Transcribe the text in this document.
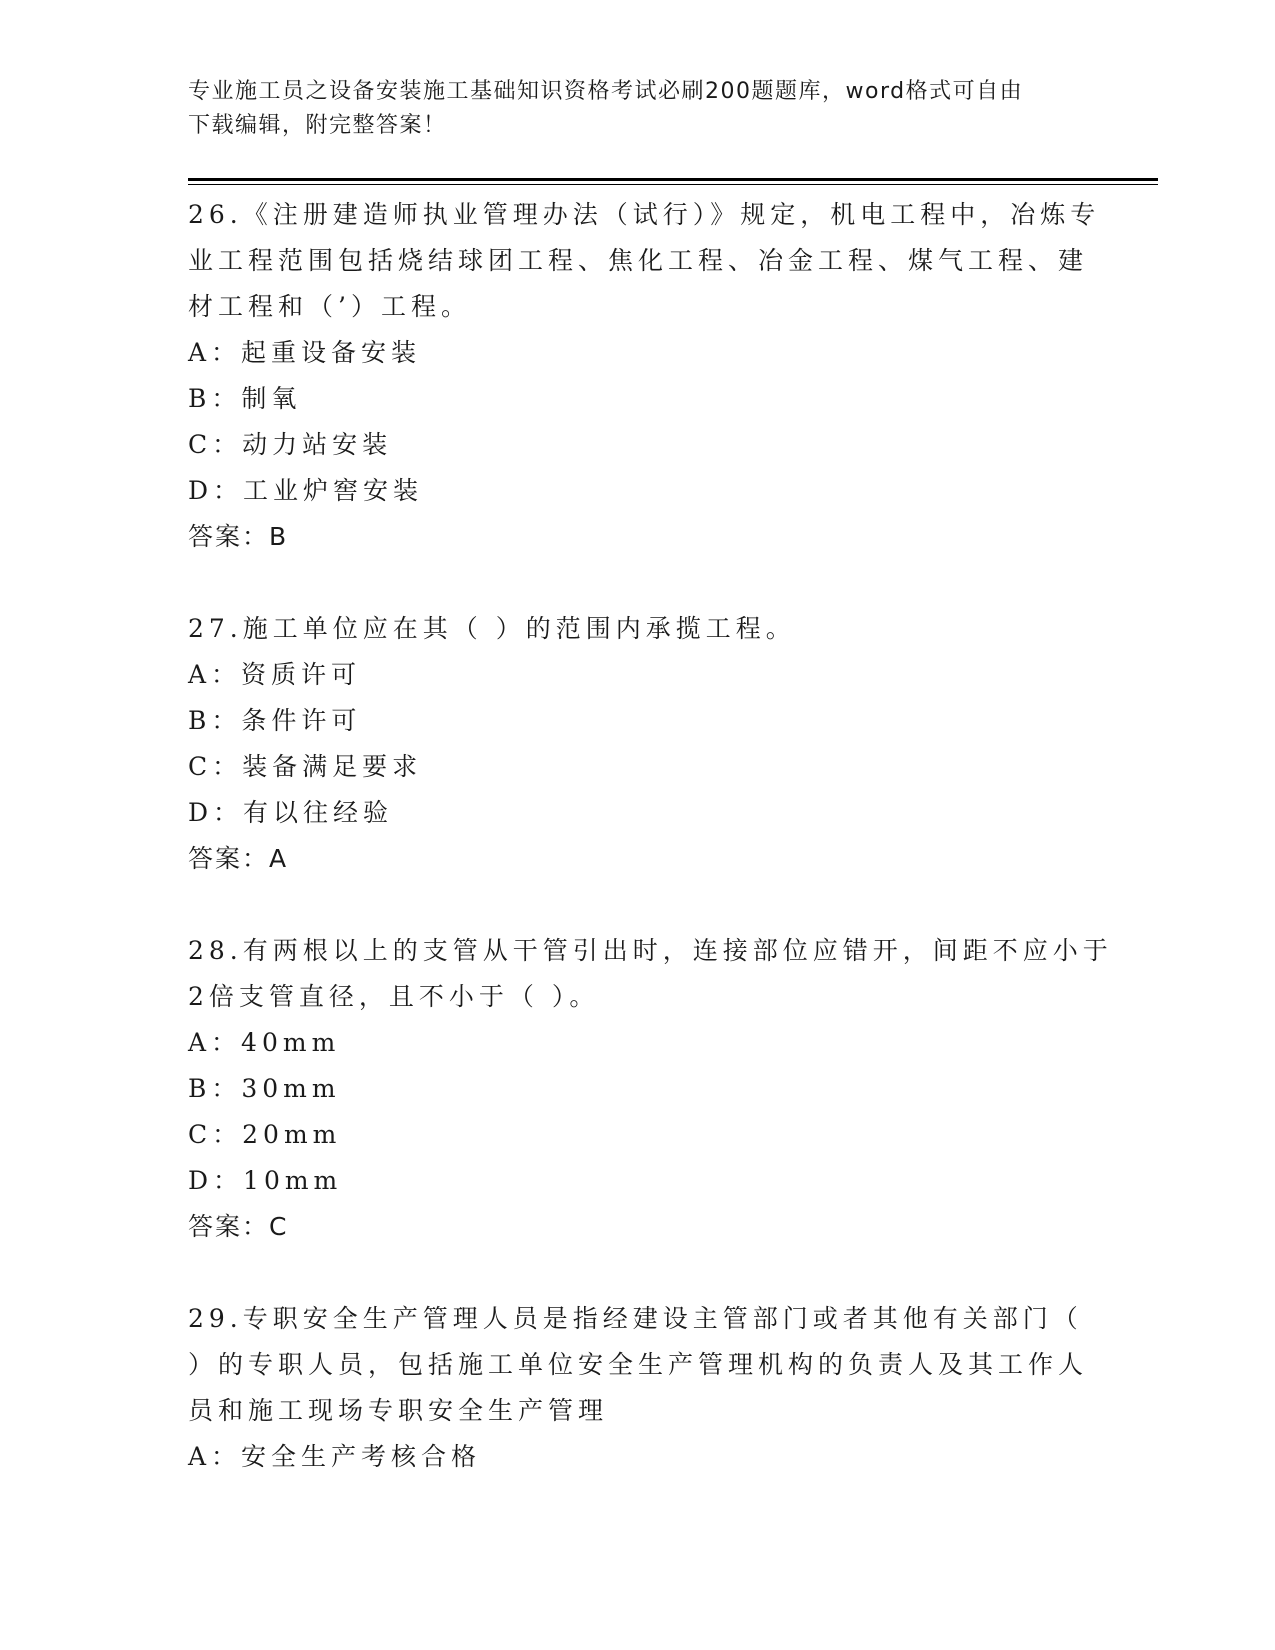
专业施工员之设备安装施工基础知识资格考试必刷200题题库，word格式可自由
下载编辑，附完整答案！
26.《注册建造师执业管理办法（试行）》规定，机电工程中，冶炼专
业工程范围包括烧结球团工程、焦化工程、冶金工程、煤气工程、建
材工程和（’）工程。
A：起重设备安装
B：制氧
C：动力站安装
D：工业炉窖安装
答案：B
27.施工单位应在其（ ）的范围内承揽工程。
A：资质许可
B：条件许可
C：装备满足要求
D：有以往经验
答案：A
28.有两根以上的支管从干管引出时，连接部位应错开，间距不应小于
2倍支管直径，且不小于（ ）。
A：40mm
B：30mm
C：20mm
D：10mm
答案：C
29.专职安全生产管理人员是指经建设主管部门或者其他有关部门（
）的专职人员，包括施工单位安全生产管理机构的负责人及其工作人
员和施工现场专职安全生产管理
A：安全生产考核合格
